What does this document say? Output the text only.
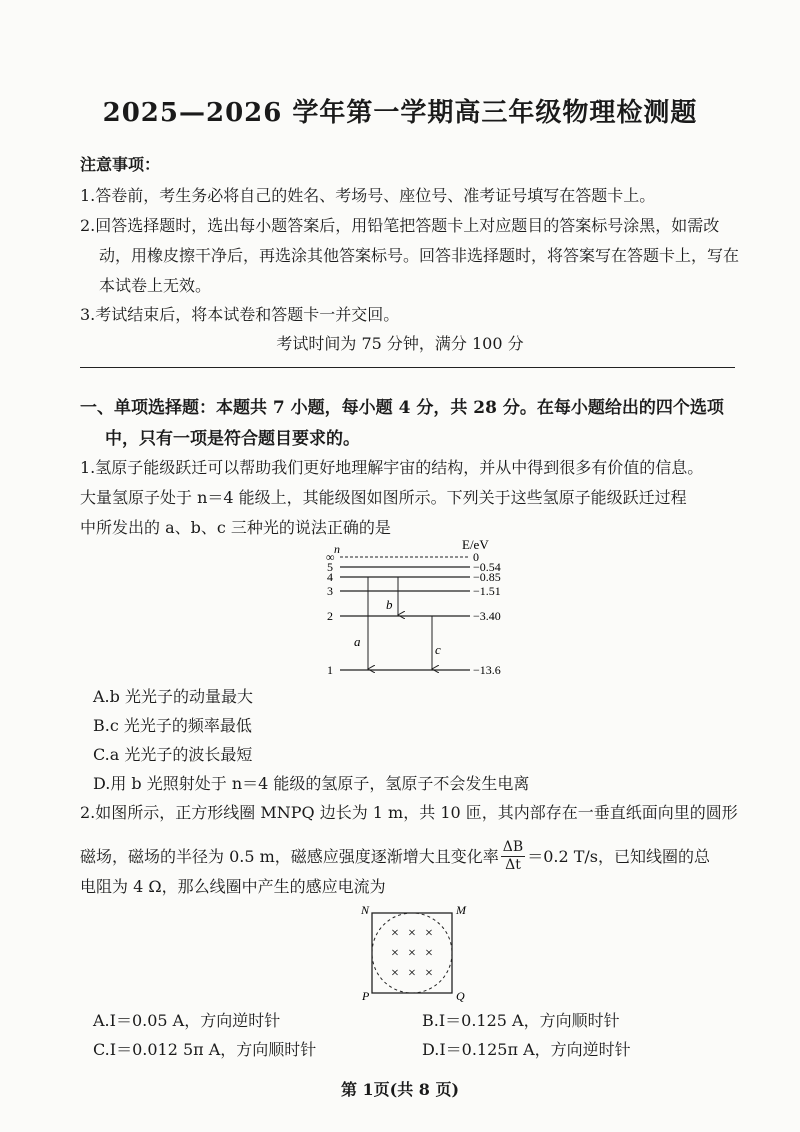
2025—2026 学年第一学期高三年级物理检测题
注意事项：
1.答卷前，考生务必将自己的姓名、考场号、座位号、准考证号填写在答题卡上。
2.回答选择题时，选出每小题答案后，用铅笔把答题卡上对应题目的答案标号涂黑，如需改
动，用橡皮擦干净后，再选涂其他答案标号。回答非选择题时，将答案写在答题卡上，写在
本试卷上无效。
3.考试结束后，将本试卷和答题卡一并交回。
考试时间为 75 分钟，满分 100 分
一、单项选择题：本题共 7 小题，每小题 4 分，共 28 分。在每小题给出的四个选项
中，只有一项是符合题目要求的。
1.氢原子能级跃迁可以帮助我们更好地理解宇宙的结构，并从中得到很多有价值的信息。
大量氢原子处于 n＝4 能级上，其能级图如图所示。下列关于这些氢原子能级跃迁过程
中所发出的 a、b、c 三种光的说法正确的是
n	E/eV
∞
5
4
3
2
1
0
−0.54
−0.85
−1.51
−3.40
−13.6
a
b
c
A.b 光光子的动量最大
B.c 光光子的频率最低
C.a 光光子的波长最短
D.用 b 光照射处于 n＝4 能级的氢原子，氢原子不会发生电离
2.如图所示，正方形线圈 MNPQ 边长为 1 m，共 10 匝，其内部存在一垂直纸面向里的圆形
磁场，磁场的半径为 0.5 m，磁感应强度逐渐增大且变化率 $\frac{\Delta B}{\Delta t} =0.2$ T/s，已知线圈的总
电阻为 4 Ω，那么线圈中产生的感应电流为
N	M
P	Q
× × ×
× × ×
× × ×
A.I＝0.05 A，方向逆时针	B.I＝0.125 A，方向顺时针
C.I＝0.012 5π A，方向顺时针	D.I＝0.125π A，方向逆时针
第 1页(共 8 页)
